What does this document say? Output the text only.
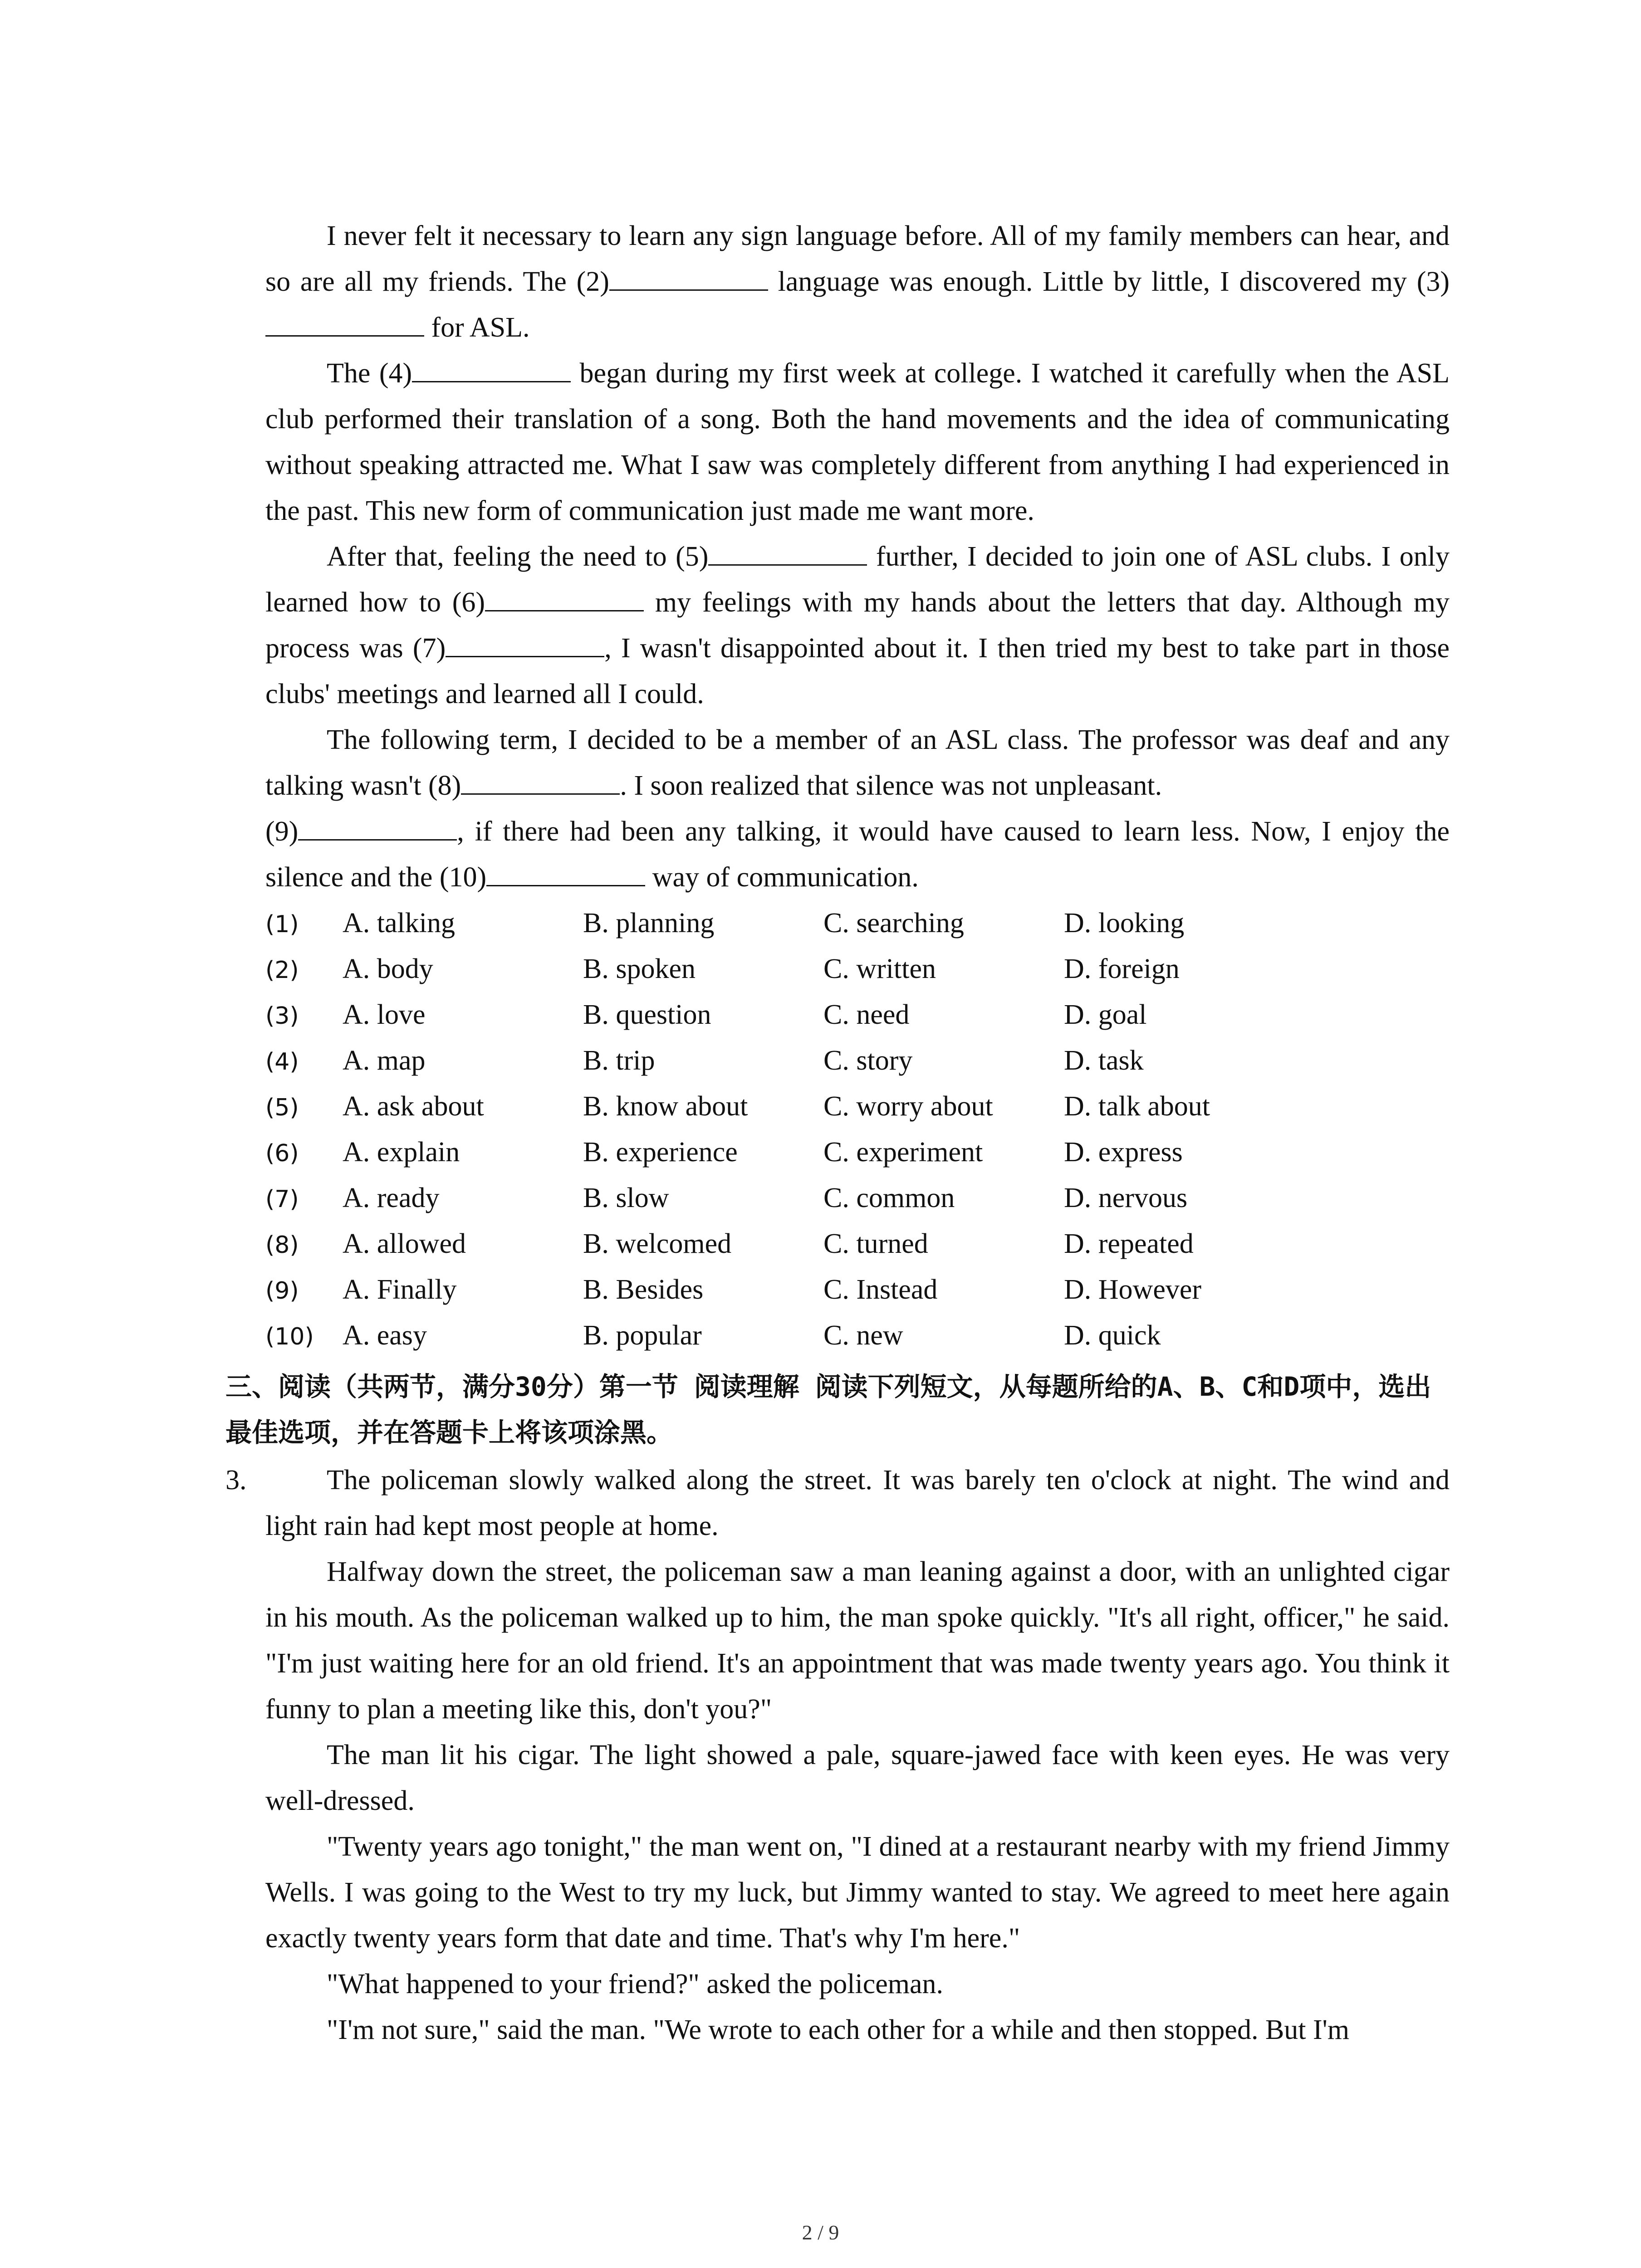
I never felt it necessary to learn any sign language before. All of my family members can hear, and so are all my friends. The (2)	language was enough. Little by little, I discovered my (3) for ASL.

The (4)	began during my first week at college. I watched it carefully when the ASL club performed their translation of a song. Both the hand movements and the idea of communicating without speaking attracted me. What I saw was completely different from anything I had experienced in the past. This new form of communication just made me want more.

After that, feeling the need to (5)	further, I decided to join one of ASL clubs. I only learned how to (6)	my feelings with my hands about the letters that day. Although my process was (7)	, I wasn't disappointed about it. I then tried my best to take part in those clubs' meetings and learned all I could.

The following term, I decided to be a member of an ASL class. The professor was deaf and any talking wasn't (8)	. I soon realized that silence was not unpleasant.

(9)	, if there had been any talking, it would have caused to learn less. Now, I enjoy the silence and the (10)	way of communication.

(1)	A. talking	B. planning	C. searching	D. looking
(2)	A. body	B. spoken	C. written	D. foreign
(3)	A. love	B. question	C. need	D. goal
(4)	A. map	B. trip	C. story	D. task
(5)	A. ask about	B. know about	C. worry about	D. talk about
(6)	A. explain	B. experience	C. experiment	D. express
(7)	A. ready	B. slow	C. common	D. nervous
(8)	A. allowed	B. welcomed	C. turned	D. repeated
(9)	A. Finally	B. Besides	C. Instead	D. However
(10)	A. easy	B. popular	C. new	D. quick
三、阅读（共两节，满分30分）第一节 阅读理解 阅读下列短文，从每题所给的A、B、C和D项中，选出最佳选项，并在答题卡上将该项涂黑。
3.	The policeman slowly walked along the street. It was barely ten o'clock at night. The wind and light rain had kept most people at home.

Halfway down the street, the policeman saw a man leaning against a door, with an unlighted cigar in his mouth. As the policeman walked up to him, the man spoke quickly. "It's all right, officer," he said. "I'm just waiting here for an old friend. It's an appointment that was made twenty years ago. You think it funny to plan a meeting like this, don't you?"

The man lit his cigar. The light showed a pale, square-jawed face with keen eyes. He was very well-dressed.

"Twenty years ago tonight," the man went on, "I dined at a restaurant nearby with my friend Jimmy Wells. I was going to the West to try my luck, but Jimmy wanted to stay. We agreed to meet here again exactly twenty years form that date and time. That's why I'm here."

"What happened to your friend?" asked the policeman.

"I'm not sure," said the man. "We wrote to each other for a while and then stopped. But I'm

2 / 9
